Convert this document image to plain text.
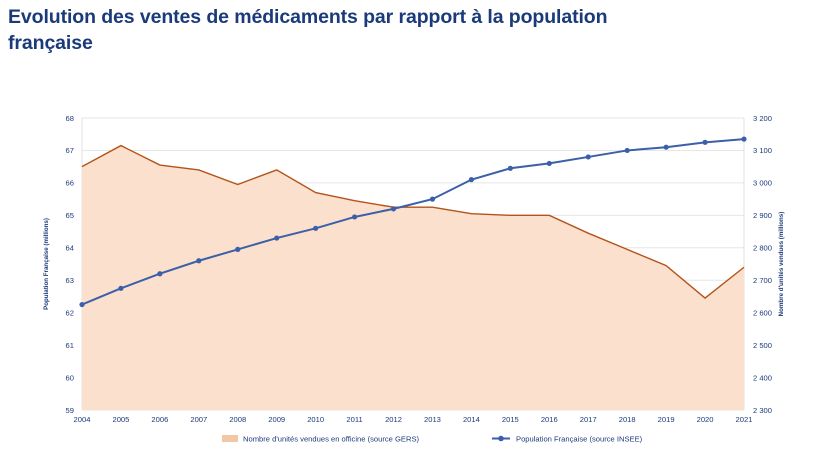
Evolution des ventes de médicaments par rapport à la population française
2004	2005	2006	2007	2008	2009	2010	2011	2012	2013	2014	2015	2016	2017	2018	2019	2020	2021
59
60
61
62
63
64
65
66
67
68
2 300
2 400
2 500
2 600
2 700
2 800
2 900
3 000
3 100
3 200
Population Française (millions)	Nombre d'unités vendues (millions)
Nombre d'unités vendues en officine (source GERS)	Population Française (source INSEE)
